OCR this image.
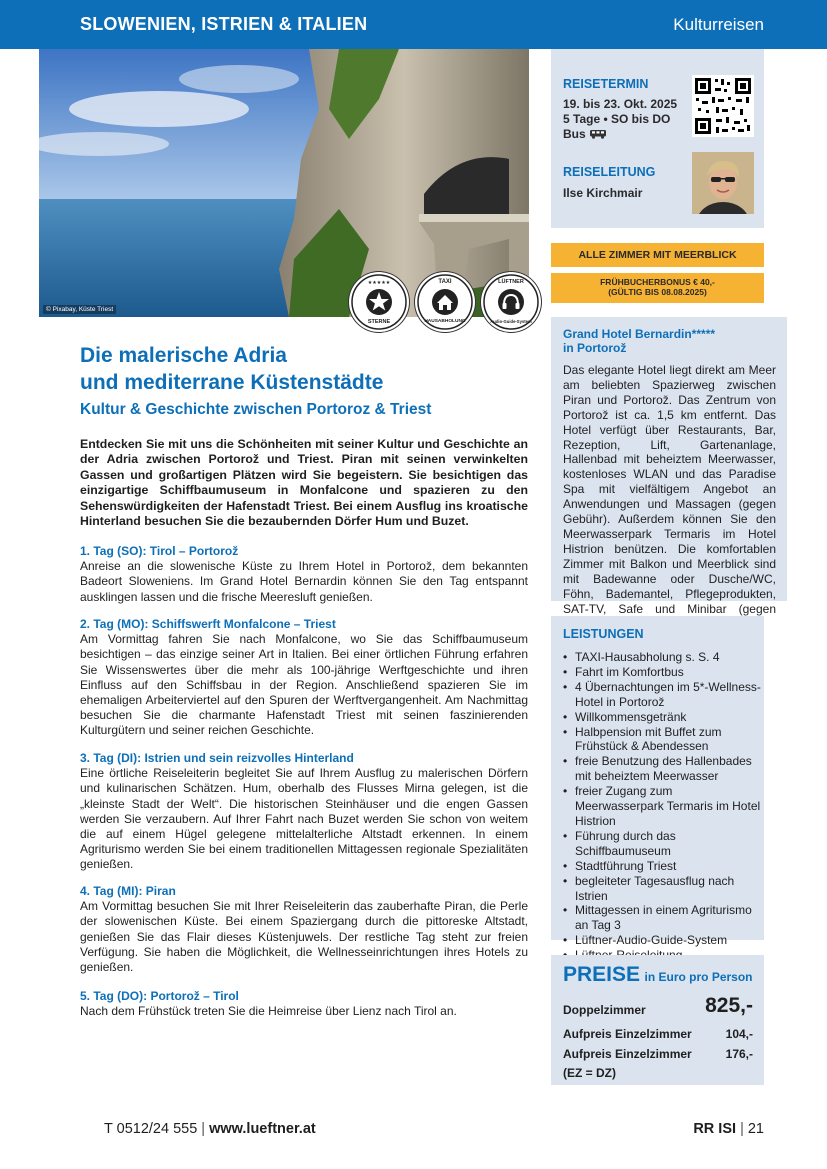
SLOWENIEN, ISTRIEN & ITALIEN	Kulturreisen
© Pixabay, Küste Triest
★★★★★
STERNE
TAXI
HAUSABHOLUNG
LÜFTNER
Audio-Guide-System
Die malerische Adria
und mediterrane Küstenstädte
Kultur & Geschichte zwischen Portoroz & Triest
Entdecken Sie mit uns die Schönheiten mit seiner Kultur und Geschichte an der Adria zwischen Portorož und Triest. Piran mit seinen verwinkelten Gassen und großartigen Plätzen wird Sie begeistern. Sie besichtigen das einzigartige Schiffbaumuseum in Monfalcone und spazieren zu den Sehenswürdigkeiten der Hafenstadt Triest. Bei einem Ausflug ins kroatische Hinterland besuchen Sie die bezaubernden Dörfer Hum und Buzet.
1. Tag (SO): Tirol – Portorož
Anreise an die slowenische Küste zu Ihrem Hotel in Portorož, dem bekannten Badeort Sloweniens. Im Grand Hotel Bernardin können Sie den Tag entspannt ausklingen lassen und die frische Meeresluft genießen.
2. Tag (MO): Schiffswerft Monfalcone – Triest
Am Vormittag fahren Sie nach Monfalcone, wo Sie das Schiffbaumuseum besichtigen – das einzige seiner Art in Italien. Bei einer örtlichen Führung erfahren Sie Wissenswertes über die mehr als 100-jährige Werftgeschichte und ihren Einfluss auf den Schiffsbau in der Region. Anschließend spazieren Sie im ehemaligen Arbeiterviertel auf den Spuren der Werftvergangenheit. Am Nachmittag besuchen Sie die charmante Hafenstadt Triest mit seinen faszinierenden Kulturgütern und seiner reichen Geschichte.
3. Tag (DI): Istrien und sein reizvolles Hinterland
Eine örtliche Reiseleiterin begleitet Sie auf Ihrem Ausflug zu malerischen Dörfern und kulinarischen Schätzen. Hum, oberhalb des Flusses Mirna gelegen, ist die „kleinste Stadt der Welt“. Die historischen Steinhäuser und die engen Gassen werden Sie verzaubern. Auf Ihrer Fahrt nach Buzet werden Sie schon von weitem die auf einem Hügel gelegene mittelalterliche Altstadt erkennen. In einem Agriturismo werden Sie bei einem traditionellen Mittagessen regionale Spezialitäten genießen.
4. Tag (MI): Piran
Am Vormittag besuchen Sie mit Ihrer Reiseleiterin das zauberhafte Piran, die Perle der slowenischen Küste. Bei einem Spaziergang durch die pittoreske Altstadt, genießen Sie das Flair dieses Küstenjuwels. Der restliche Tag steht zur freien Verfügung. Sie haben die Möglichkeit, die Wellnesseinrichtungen ihres Hotels zu genießen.
5. Tag (DO): Portorož – Tirol
Nach dem Frühstück treten Sie die Heimreise über Lienz nach Tirol an.
REISETERMIN
19. bis 23. Okt. 2025
5 Tage • SO bis DO
Bus
REISELEITUNG
Ilse Kirchmair
ALLE ZIMMER MIT MEERBLICK
FRÜHBUCHERBONUS € 40,-
(GÜLTIG BIS 08.08.2025)
Grand Hotel Bernardin*****
in Portorož
Das elegante Hotel liegt direkt am Meer am beliebten Spazierweg zwischen Piran und Portorož. Das Zentrum von Portorož ist ca. 1,5 km entfernt. Das Hotel verfügt über Restaurants, Bar, Rezeption, Lift, Gartenanlage, Hallenbad mit beheiztem Meerwasser, kostenloses WLAN und das Paradise Spa mit vielfältigem Angebot an Anwendungen und Massagen (gegen Gebühr). Außerdem können Sie den Meerwasserpark Termaris im Hotel Histrion benützen. Die komfortablen Zimmer mit Balkon und Meerblick sind mit Badewanne oder Dusche/WC, Föhn, Bademantel, Pflegeprodukten, SAT-TV, Safe und Minibar (gegen
LEISTUNGEN
• TAXI-Hausabholung s. S. 4
• Fahrt im Komfortbus
• 4 Übernachtungen im 5*-Wellness-Hotel in Portorož
• Willkommensgetränk
• Halbpension mit Buffet zum Frühstück & Abendessen
• freie Benutzung des Hallenbades mit beheiztem Meerwasser
• freier Zugang zum Meerwasserpark Termaris im Hotel Histrion
• Führung durch das Schiffbaumuseum
• Stadtführung Triest
• begleiteter Tagesausflug nach Istrien
• Mittagessen in einem Agriturismo an Tag 3
• Lüftner-Audio-Guide-System
•
PREISE in Euro pro Person
Doppelzimmer	825,-
Aufpreis Einzelzimmer	104,-
Aufpreis Einzelzimmer	176,-
(EZ = DZ)
T 0512/24 555 | www.lueftner.at	RR ISI | 21
